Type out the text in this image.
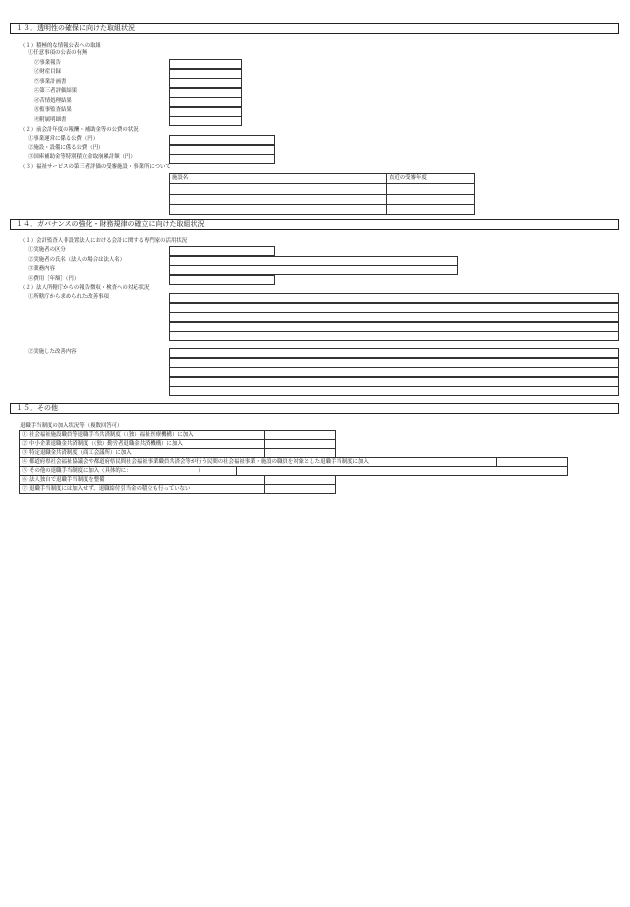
１３．透明性の確保に向けた取組状況
（１）積極的な情報公表への取組
①任意事項の公表の有無
㋐事業報告
㋑財産目録
㋒事業計画書
㋓第三者評価結果
㋔苦情処理結果
㋕監事監査結果
㋖附属明細書
（２）前会計年度の報酬・補助金等の公費の状況
①事業運営に係る公費（円）
②施設・設備に係る公費（円）
③国庫補助金等特別積立金取崩累計額（円）
（３）福祉サービスの第三者評価の受審施設・事業所について
施設名	直近の受審年度

１４．ガバナンスの強化・財務規律の確立に向けた取組状況
（１）会計監査人非設置法人における会計に関する専門家の活用状況
①実施者の区分
②実施者の氏名（法人の場合は法人名）
③業務内容
④費用［年額］（円）
（２）法人所轄庁からの報告徴収・検査への対応状況
①所轄庁から求められた改善事項
②実施した改善内容
１５．その他
退職手当制度の加入状況等（複数回答可）
① 社会福祉施設職員等退職手当共済制度（（独）福祉医療機構）に加入
② 中小企業退職金共済制度（（独）勤労者退職金共済機構）に加入
③ 特定退職金共済制度（商工会議所）に加入
④ 都道府県社会福祉協議会や都道府県民間社会福祉事業職員共済会等が行う民間の社会福祉事業・施設の職員を対象とした退職手当制度に加入
⑤ その他の退職手当制度に加入（具体的に：	）
⑥ 法人独自で退職手当制度を整備
⑦ 退職手当制度には加入せず、退職給付引当金の積立も行っていない
